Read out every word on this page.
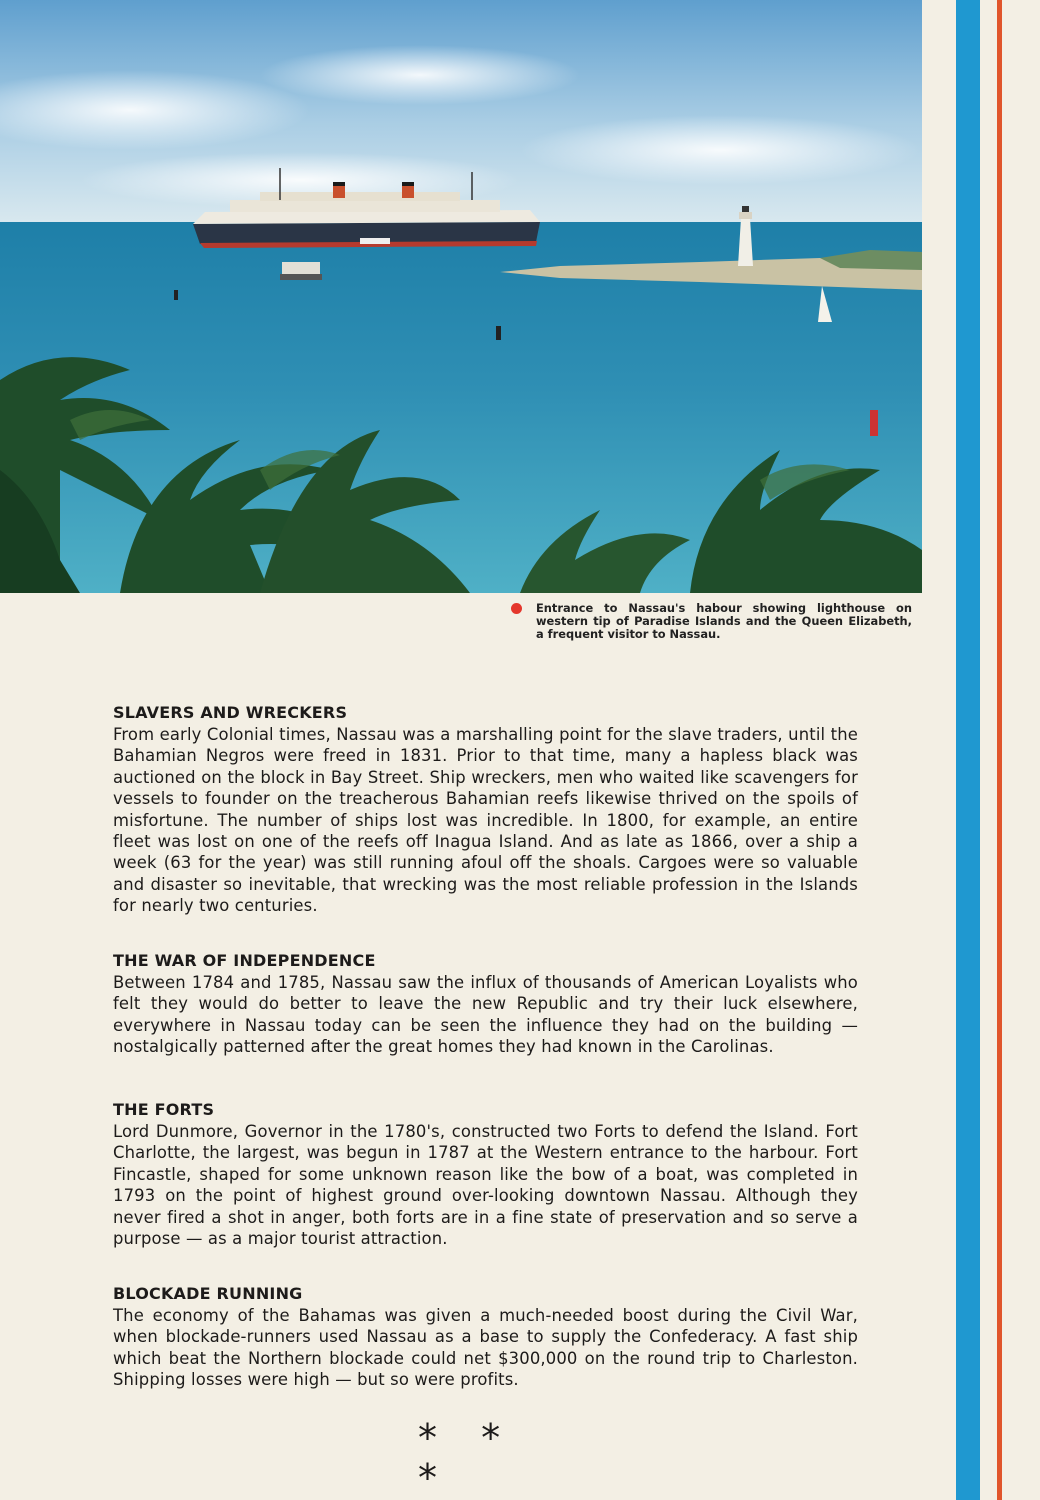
Entrance to Nassau's habour showing lighthouse on western tip of Paradise Islands and the Queen Elizabeth, a frequent visitor to Nassau.
SLAVERS AND WRECKERS

From early Colonial times, Nassau was a marshalling point for the slave traders, until the Bahamian Negros were freed in 1831. Prior to that time, many a hapless black was auctioned on the block in Bay Street. Ship wreckers, men who waited like scavengers for vessels to founder on the treacherous Bahamian reefs likewise thrived on the spoils of misfortune. The number of ships lost was incredible. In 1800, for example, an entire fleet was lost on one of the reefs off Inagua Island. And as late as 1866, over a ship a week (63 for the year) was still running afoul off the shoals. Cargoes were so valuable and disaster so inevitable, that wrecking was the most reliable profession in the Islands for nearly two centuries.

THE WAR OF INDEPENDENCE

Between 1784 and 1785, Nassau saw the influx of thousands of American Loyalists who felt they would do better to leave the new Republic and try their luck elsewhere, everywhere in Nassau today can be seen the influence they had on the building — nostalgically patterned after the great homes they had known in the Carolinas.

THE FORTS

Lord Dunmore, Governor in the 1780's, constructed two Forts to defend the Island. Fort Charlotte, the largest, was begun in 1787 at the Western entrance to the harbour. Fort Fincastle, shaped for some unknown reason like the bow of a boat, was completed in 1793 on the point of highest ground over-looking downtown Nassau. Although they never fired a shot in anger, both forts are in a fine state of preservation and so serve a purpose — as a major tourist attraction.

BLOCKADE RUNNING

The economy of the Bahamas was given a much-needed boost during the Civil War, when blockade-runners used Nassau as a base to supply the Confederacy. A fast ship which beat the Northern blockade could net $300,000 on the round trip to Charleston. Shipping losses were high — but so were profits.

* * *
